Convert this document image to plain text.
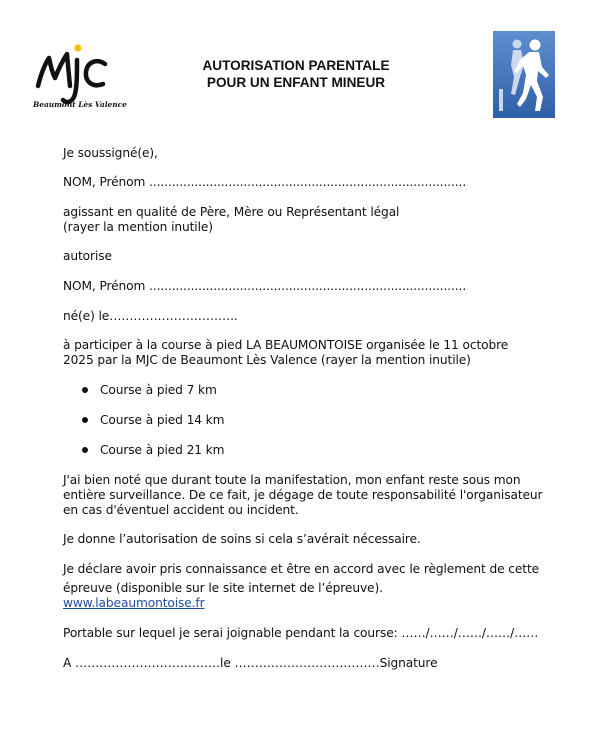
Beaumont Lès Valence
AUTORISATION PARENTALE
POUR UN ENFANT MINEUR
Je soussigné(e),
NOM, Prénom ....................................................................................
agissant en qualité de Père, Mère ou Représentant légal
(rayer la mention inutile)
autorise
NOM, Prénom ....................................................................................
né(e) le…………………………..
à participer à la course à pied LA BEAUMONTOISE organisée le 11 octobre
2025 par la MJC de Beaumont Lès Valence (rayer la mention inutile)
Course à pied 7 km
Course à pied 14 km
Course à pied 21 km
J'ai bien noté que durant toute la manifestation, mon enfant reste sous mon
entière surveillance. De ce fait, je dégage de toute responsabilité l'organisateur
en cas d'éventuel accident ou incident.
Je donne l’autorisation de soins si cela s’avérait nécessaire.
Je déclare avoir pris connaissance et être en accord avec le règlement de cette
épreuve (disponible sur le site internet de l’épreuve).
www.labeaumontoise.fr
Portable sur lequel je serai joignable pendant la course: ……/……/……/……/……
A ………………………………le ………………………………Signature
